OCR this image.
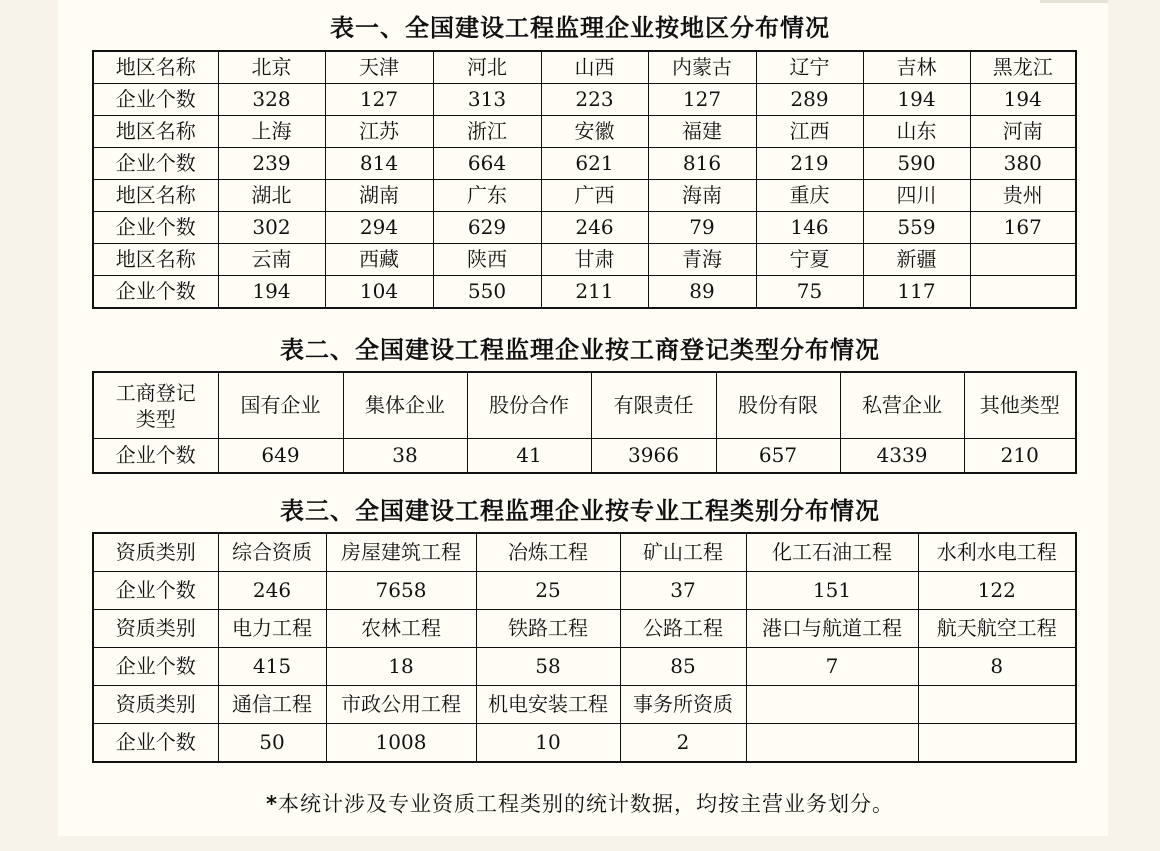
表一、全国建设工程监理企业按地区分布情况
地区名称	北京	天津	河北	山西	内蒙古	辽宁	吉林	黑龙江
企业个数	328	127	313	223	127	289	194	194
地区名称	上海	江苏	浙江	安徽	福建	江西	山东	河南
企业个数	239	814	664	621	816	219	590	380
地区名称	湖北	湖南	广东	广西	海南	重庆	四川	贵州
企业个数	302	294	629	246	79	146	559	167
地区名称	云南	西藏	陕西	甘肃	青海	宁夏	新疆	
企业个数	194	104	550	211	89	75	117	
表二、全国建设工程监理企业按工商登记类型分布情况
工商登记类型	国有企业	集体企业	股份合作	有限责任	股份有限	私营企业	其他类型
企业个数	649	38	41	3966	657	4339	210
表三、全国建设工程监理企业按专业工程类别分布情况
资质类别	综合资质	房屋建筑工程	冶炼工程	矿山工程	化工石油工程	水利水电工程
企业个数	246	7658	25	37	151	122
资质类别	电力工程	农林工程	铁路工程	公路工程	港口与航道工程	航天航空工程
企业个数	415	18	58	85	7	8
资质类别	通信工程	市政公用工程	机电安装工程	事务所资质		
企业个数	50	1008	10	2		
*本统计涉及专业资质工程类别的统计数据，均按主营业务划分。
